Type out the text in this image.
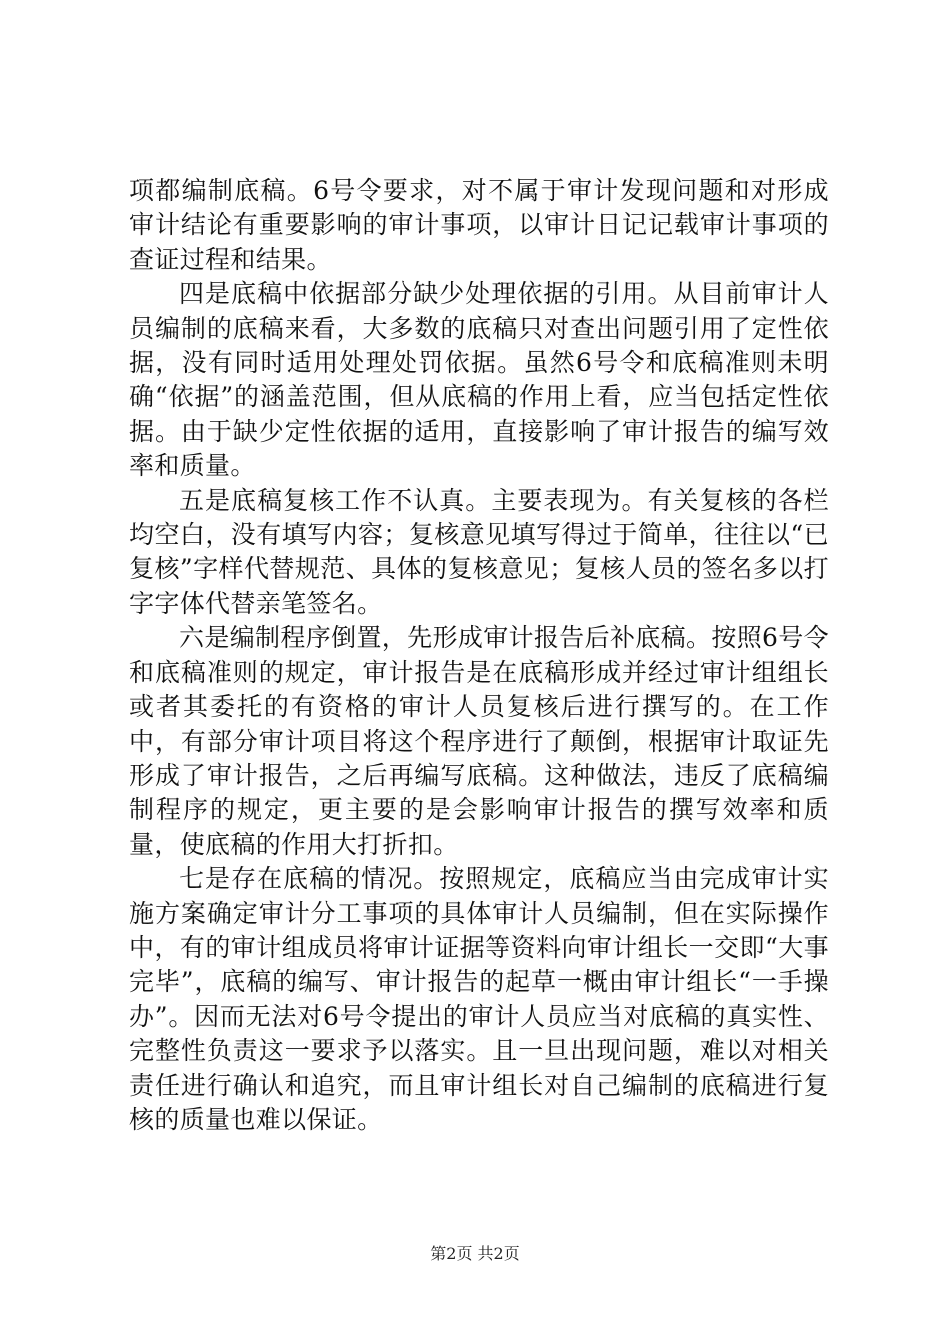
项都编制底稿。6号令要求，对不属于审计发现问题和对形成审计结论有重要影响的审计事项，以审计日记记载审计事项的查证过程和结果。

四是底稿中依据部分缺少处理依据的引用。从目前审计人员编制的底稿来看，大多数的底稿只对查出问题引用了定性依据，没有同时适用处理处罚依据。虽然6号令和底稿准则未明确“依据”的涵盖范围，但从底稿的作用上看，应当包括定性依据。由于缺少定性依据的适用，直接影响了审计报告的编写效率和质量。

五是底稿复核工作不认真。主要表现为。有关复核的各栏均空白，没有填写内容；复核意见填写得过于简单，往往以“已复核”字样代替规范、具体的复核意见；复核人员的签名多以打字字体代替亲笔签名。

六是编制程序倒置，先形成审计报告后补底稿。按照6号令和底稿准则的规定，审计报告是在底稿形成并经过审计组组长或者其委托的有资格的审计人员复核后进行撰写的。在工作中，有部分审计项目将这个程序进行了颠倒，根据审计取证先形成了审计报告，之后再编写底稿。这种做法，违反了底稿编制程序的规定，更主要的是会影响审计报告的撰写效率和质量，使底稿的作用大打折扣。

七是存在底稿的情况。按照规定，底稿应当由完成审计实施方案确定审计分工事项的具体审计人员编制，但在实际操作中，有的审计组成员将审计证据等资料向审计组长一交即“大事完毕”，底稿的编写、审计报告的起草一概由审计组长“一手操办”。因而无法对6号令提出的审计人员应当对底稿的真实性、完整性负责这一要求予以落实。且一旦出现问题，难以对相关责任进行确认和追究，而且审计组长对自己编制的底稿进行复核的质量也难以保证。

第2页 共2页
